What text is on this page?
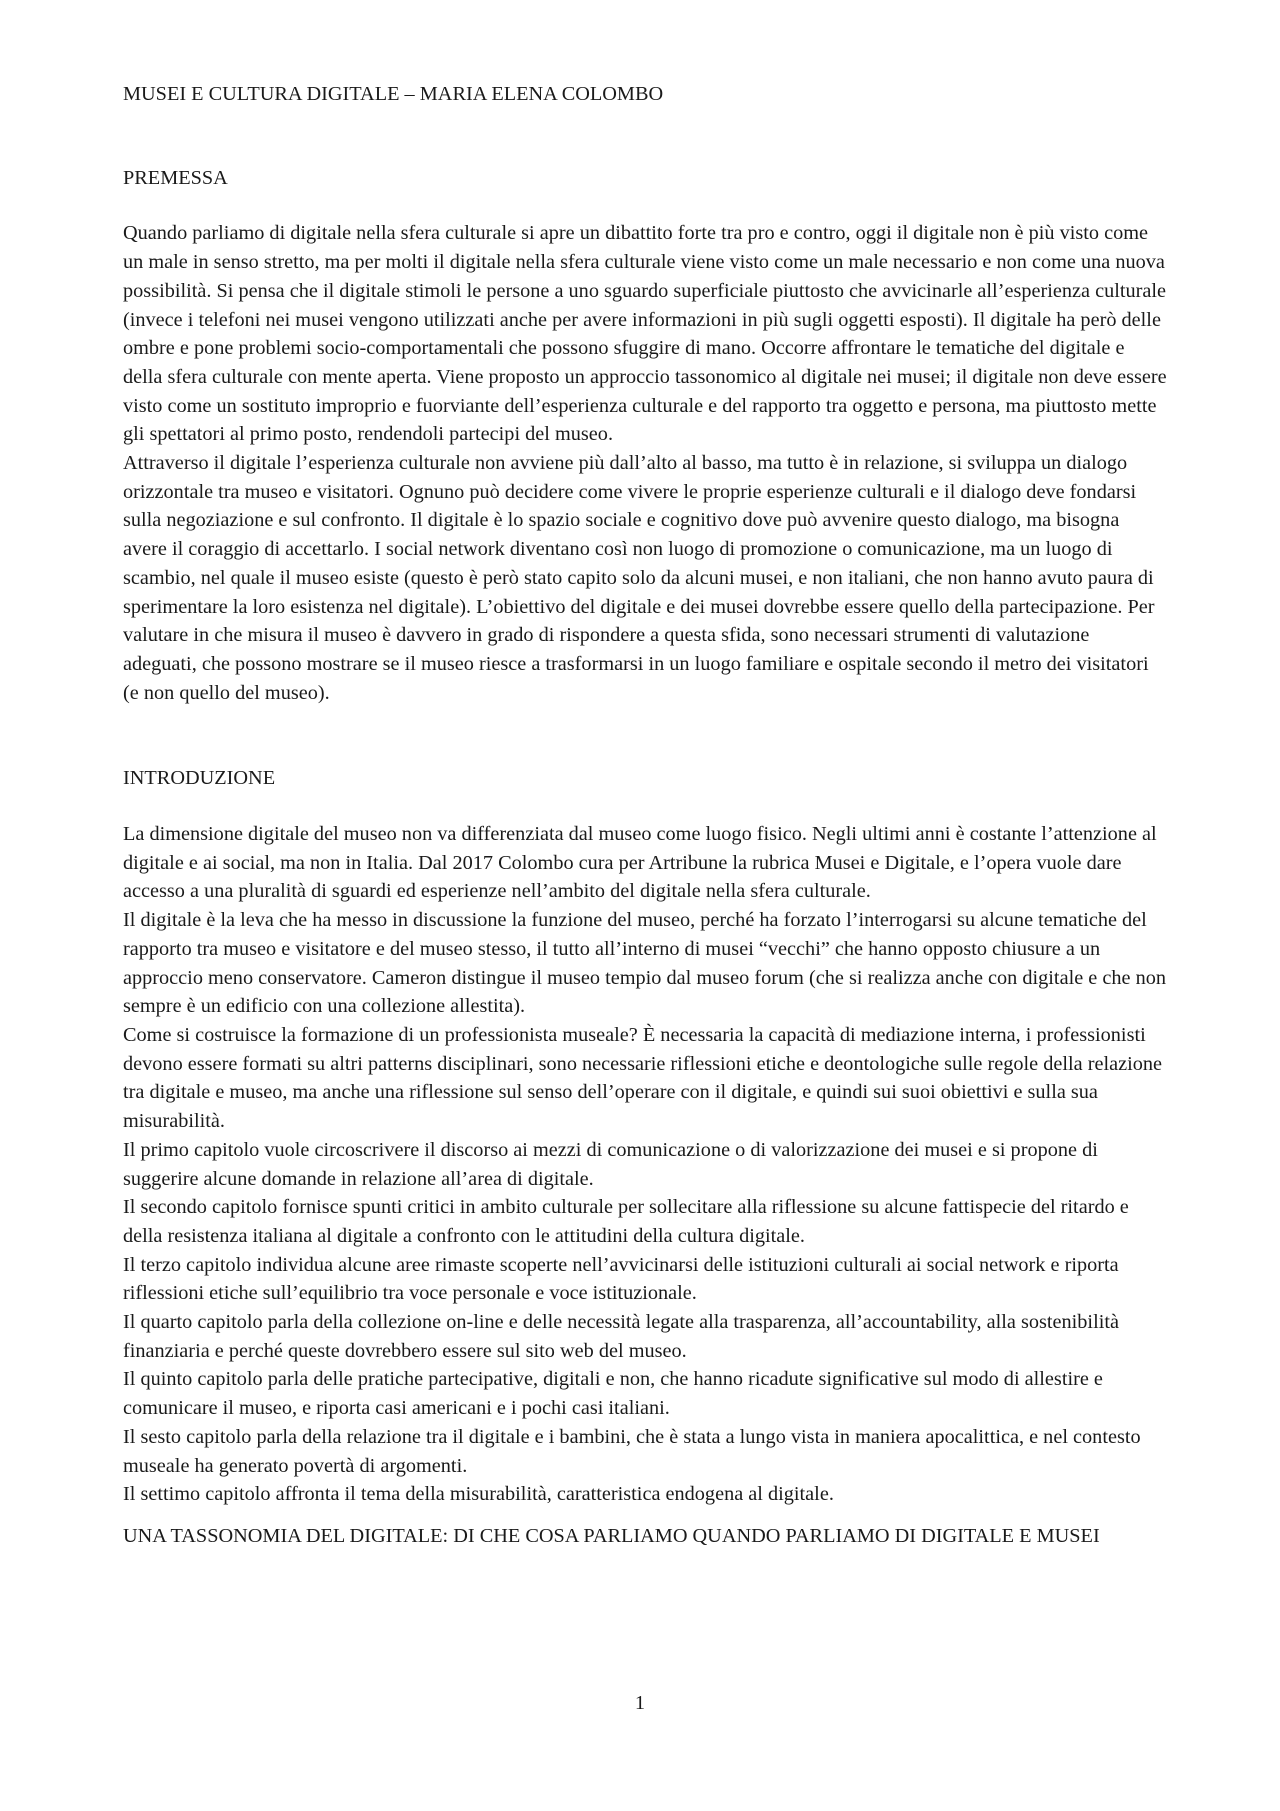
MUSEI E CULTURA DIGITALE – MARIA ELENA COLOMBO
PREMESSA

Quando parliamo di digitale nella sfera culturale si apre un dibattito forte tra pro e contro, oggi il digitale non è più visto come un male in senso stretto, ma per molti il digitale nella sfera culturale viene visto come un male necessario e non come una nuova possibilità. Si pensa che il digitale stimoli le persone a uno sguardo superficiale piuttosto che avvicinarle all’esperienza culturale (invece i telefoni nei musei vengono utilizzati anche per avere informazioni in più sugli oggetti esposti). Il digitale ha però delle ombre e pone problemi socio-comportamentali che possono sfuggire di mano. Occorre affrontare le tematiche del digitale e della sfera culturale con mente aperta. Viene proposto un approccio tassonomico al digitale nei musei; il digitale non deve essere visto come un sostituto improprio e fuorviante dell’esperienza culturale e del rapporto tra oggetto e persona, ma piuttosto mette gli spettatori al primo posto, rendendoli partecipi del museo.

Attraverso il digitale l’esperienza culturale non avviene più dall’alto al basso, ma tutto è in relazione, si sviluppa un dialogo orizzontale tra museo e visitatori. Ognuno può decidere come vivere le proprie esperienze culturali e il dialogo deve fondarsi sulla negoziazione e sul confronto. Il digitale è lo spazio sociale e cognitivo dove può avvenire questo dialogo, ma bisogna avere il coraggio di accettarlo. I social network diventano così non luogo di promozione o comunicazione, ma un luogo di scambio, nel quale il museo esiste (questo è però stato capito solo da alcuni musei, e non italiani, che non hanno avuto paura di sperimentare la loro esistenza nel digitale). L’obiettivo del digitale e dei musei dovrebbe essere quello della partecipazione. Per valutare in che misura il museo è davvero in grado di rispondere a questa sfida, sono necessari strumenti di valutazione adeguati, che possono mostrare se il museo riesce a trasformarsi in un luogo familiare e ospitale secondo il metro dei visitatori (e non quello del museo).

INTRODUZIONE

La dimensione digitale del museo non va differenziata dal museo come luogo fisico. Negli ultimi anni è costante l’attenzione al digitale e ai social, ma non in Italia. Dal 2017 Colombo cura per Artribune la rubrica Musei e Digitale, e l’opera vuole dare accesso a una pluralità di sguardi ed esperienze nell’ambito del digitale nella sfera culturale.

Il digitale è la leva che ha messo in discussione la funzione del museo, perché ha forzato l’interrogarsi su alcune tematiche del rapporto tra museo e visitatore e del museo stesso, il tutto all’interno di musei “vecchi” che hanno opposto chiusure a un approccio meno conservatore. Cameron distingue il museo tempio dal museo forum (che si realizza anche con digitale e che non sempre è un edificio con una collezione allestita).

Come si costruisce la formazione di un professionista museale? È necessaria la capacità di mediazione interna, i professionisti devono essere formati su altri patterns disciplinari, sono necessarie riflessioni etiche e deontologiche sulle regole della relazione tra digitale e museo, ma anche una riflessione sul senso dell’operare con il digitale, e quindi sui suoi obiettivi e sulla sua misurabilità.

Il primo capitolo vuole circoscrivere il discorso ai mezzi di comunicazione o di valorizzazione dei musei e si propone di suggerire alcune domande in relazione all’area di digitale.

Il secondo capitolo fornisce spunti critici in ambito culturale per sollecitare alla riflessione su alcune fattispecie del ritardo e della resistenza italiana al digitale a confronto con le attitudini della cultura digitale.

Il terzo capitolo individua alcune aree rimaste scoperte nell’avvicinarsi delle istituzioni culturali ai social network e riporta riflessioni etiche sull’equilibrio tra voce personale e voce istituzionale.

Il quarto capitolo parla della collezione on-line e delle necessità legate alla trasparenza, all’accountability, alla sostenibilità finanziaria e perché queste dovrebbero essere sul sito web del museo.

Il quinto capitolo parla delle pratiche partecipative, digitali e non, che hanno ricadute significative sul modo di allestire e comunicare il museo, e riporta casi americani e i pochi casi italiani.

Il sesto capitolo parla della relazione tra il digitale e i bambini, che è stata a lungo vista in maniera apocalittica, e nel contesto museale ha generato povertà di argomenti.

Il settimo capitolo affronta il tema della misurabilità, caratteristica endogena al digitale.

UNA TASSONOMIA DEL DIGITALE: DI CHE COSA PARLIAMO QUANDO PARLIAMO DI DIGITALE E MUSEI
1
